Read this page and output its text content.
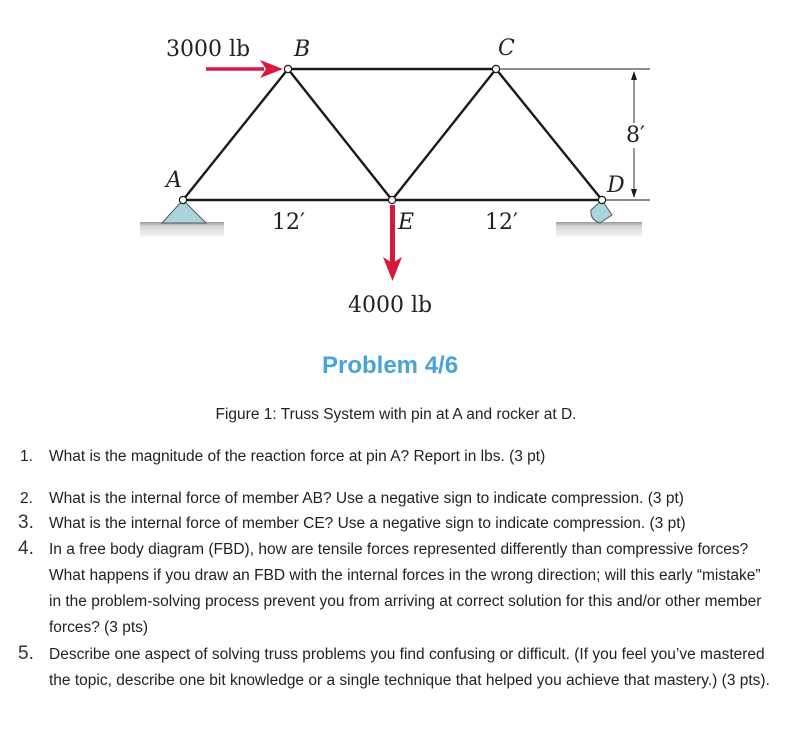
3000 lb B	C
A	D
E
8′
12′	12′
4000 lb
Problem 4/6
Figure 1: Truss System with pin at A and rocker at D.
1. What is the magnitude of the reaction force at pin A? Report in lbs. (3 pt)
2. What is the internal force of member AB? Use a negative sign to indicate compression. (3 pt)
3. What is the internal force of member CE? Use a negative sign to indicate compression. (3 pt)
4. In a free body diagram (FBD), how are tensile forces represented differently than compressive forces? What happens if you draw an FBD with the internal forces in the wrong direction; will this early “mistake” in the problem-solving process prevent you from arriving at correct solution for this and/or other member forces? (3 pts)
5. Describe one aspect of solving truss problems you find confusing or difficult. (If you feel you’ve mastered the topic, describe one bit knowledge or a single technique that helped you achieve that mastery.) (3 pts).
